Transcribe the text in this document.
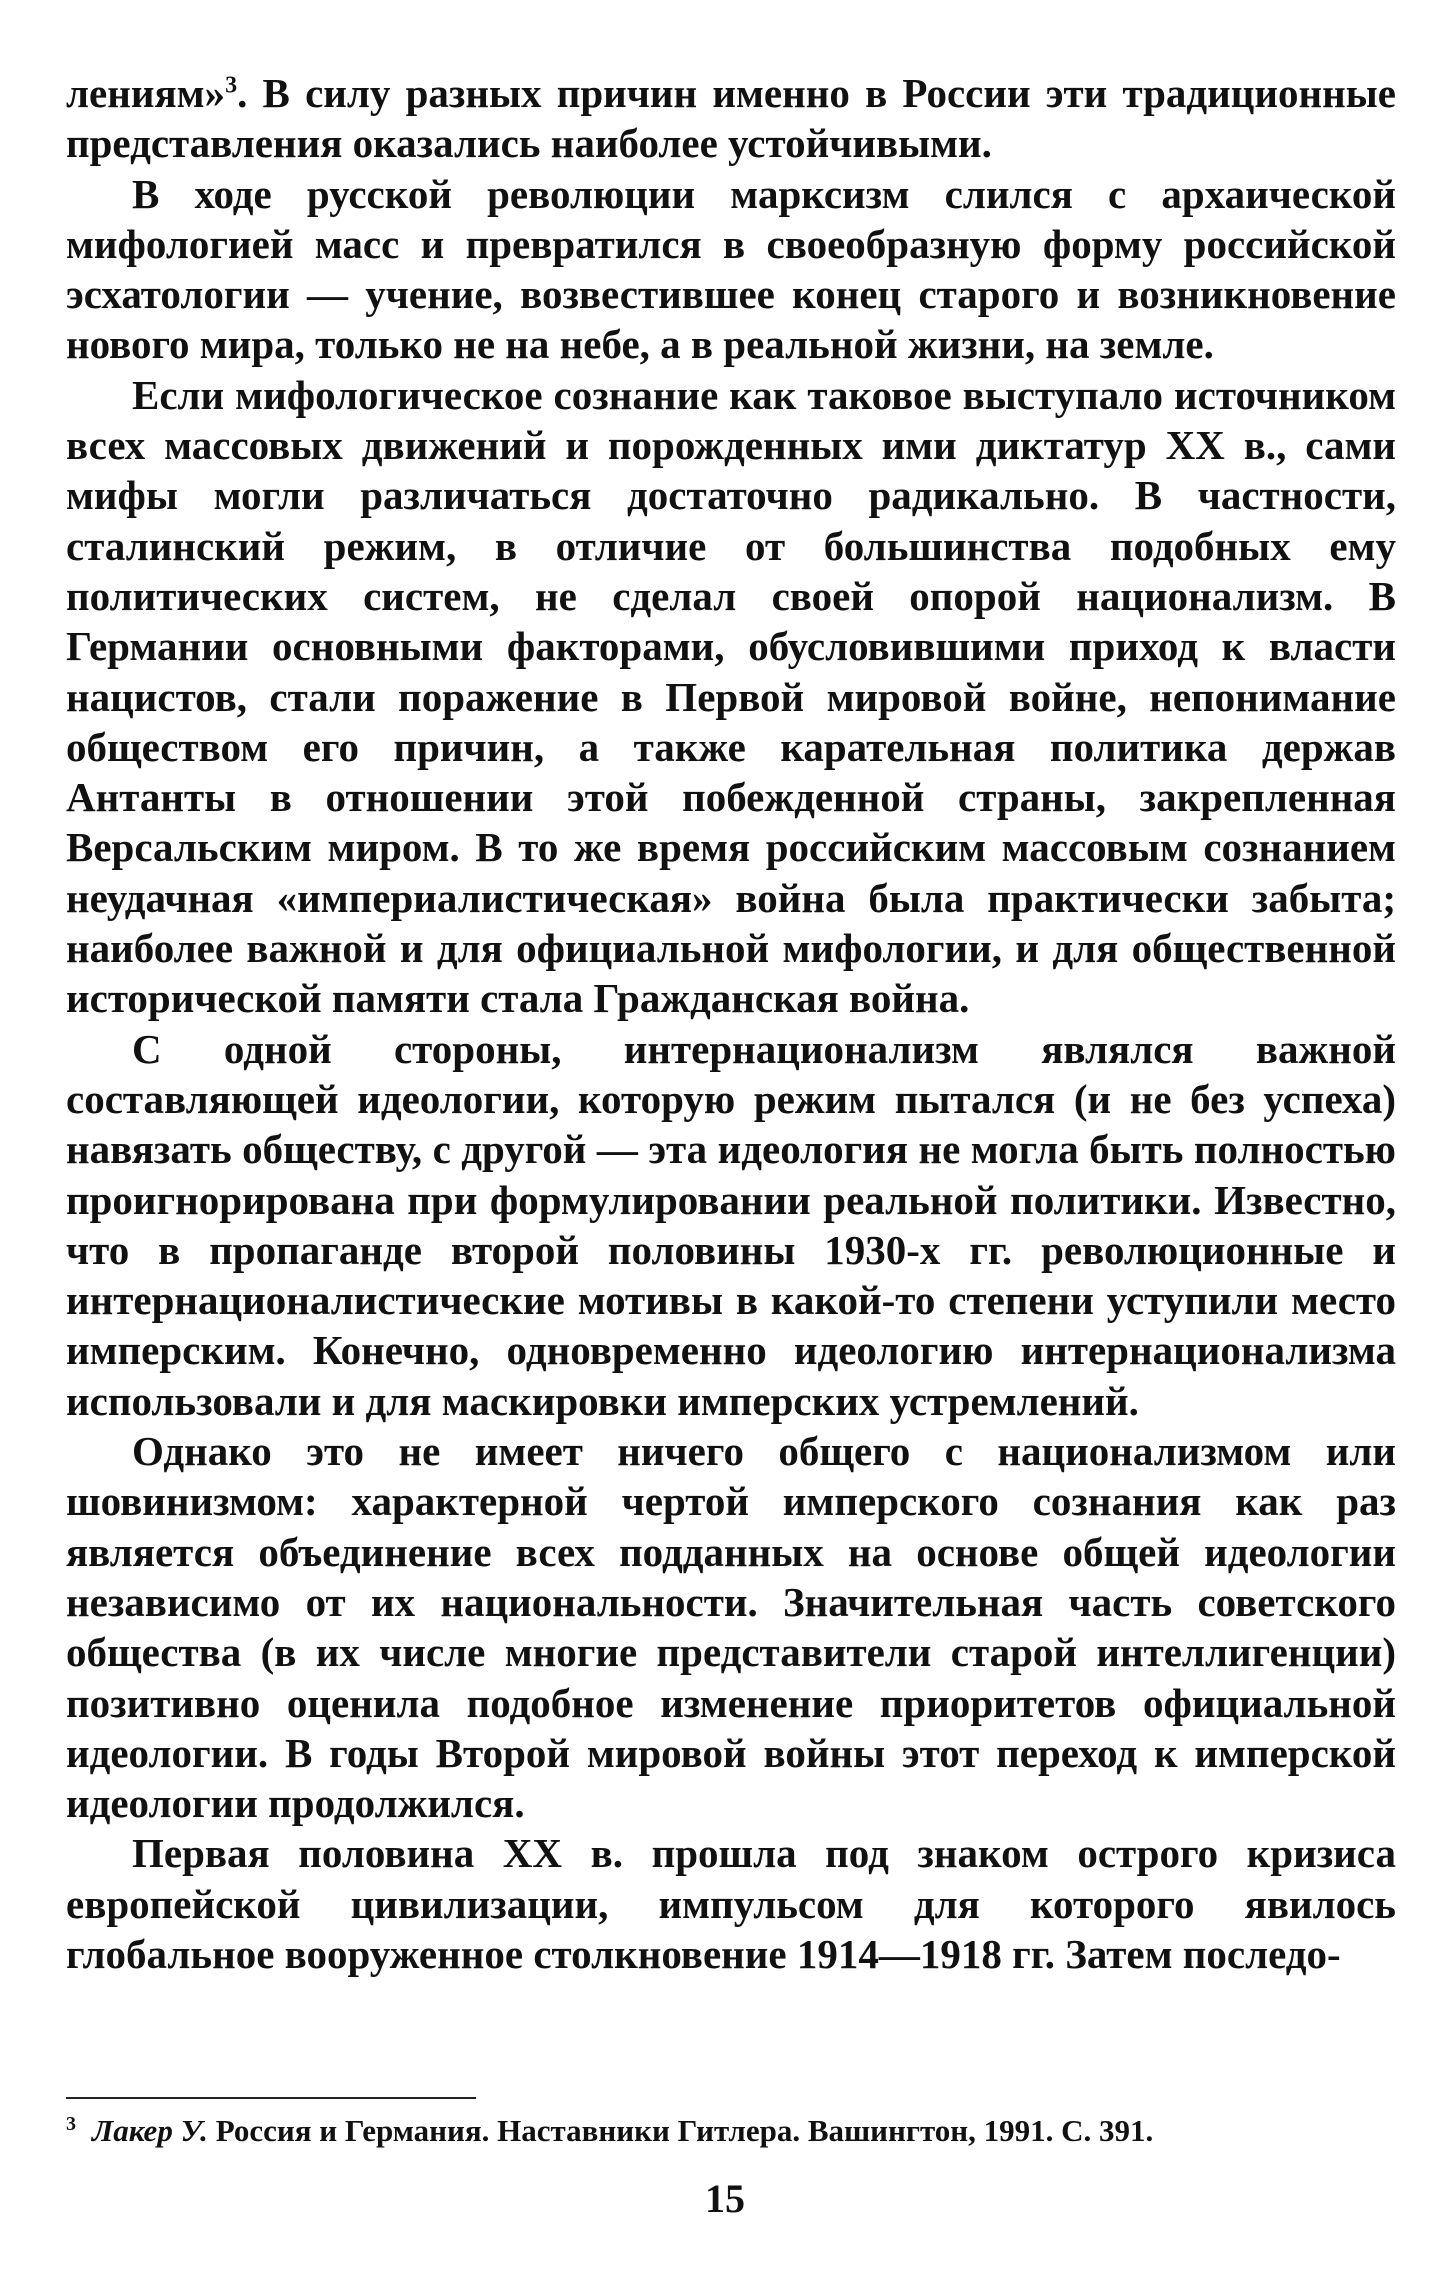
лениям»$^3$. В силу разных причин именно в России эти традиционные представления оказались наиболее устойчивыми.

В ходе русской революции марксизм слился с архаической мифологией масс и превратился в своеобразную форму российской эсхатологии — учение, возвестившее конец старого и возникновение нового мира, только не на небе, а в реальной жизни, на земле.

Если мифологическое сознание как таковое выступало источником всех массовых движений и порожденных ими диктатур XX в., сами мифы могли различаться достаточно радикально. В частности, сталинский режим, в отличие от большинства подобных ему политических систем, не сделал своей опорой национализм. В Германии основными факторами, обусловившими приход к власти нацистов, стали поражение в Первой мировой войне, непонимание обществом его причин, а также карательная политика держав Антанты в отношении этой побежденной страны, закрепленная Версальским миром. В то же время российским массовым сознанием неудачная «империалистическая» война была практически забыта; наиболее важной и для официальной мифологии, и для общественной исторической памяти стала Гражданская война.

С одной стороны, интернационализм являлся важной составляющей идеологии, которую режим пытался (и не без успеха) навязать обществу, с другой — эта идеология не могла быть полностью проигнорирована при формулировании реальной политики. Известно, что в пропаганде второй половины 1930-х гг. революционные и интернационалистические мотивы в какой-то степени уступили место имперским. Конечно, одновременно идеологию интернационализма использовали и для маскировки имперских устремлений.

Однако это не имеет ничего общего с национализмом или шовинизмом: характерной чертой имперского сознания как раз является объединение всех подданных на основе общей идеологии независимо от их национальности. Значительная часть советского общества (в их числе многие представители старой интеллигенции) позитивно оценила подобное изменение приоритетов официальной идеологии. В годы Второй мировой войны этот переход к имперской идеологии продолжился.

Первая половина XX в. прошла под знаком острого кризиса европейской цивилизации, импульсом для которого явилось глобальное вооруженное столкновение 1914—1918 гг. Затем последо-

$^3$ Лакер У. Россия и Германия. Наставники Гитлера. Вашингтон, 1991. С. 391.
15
